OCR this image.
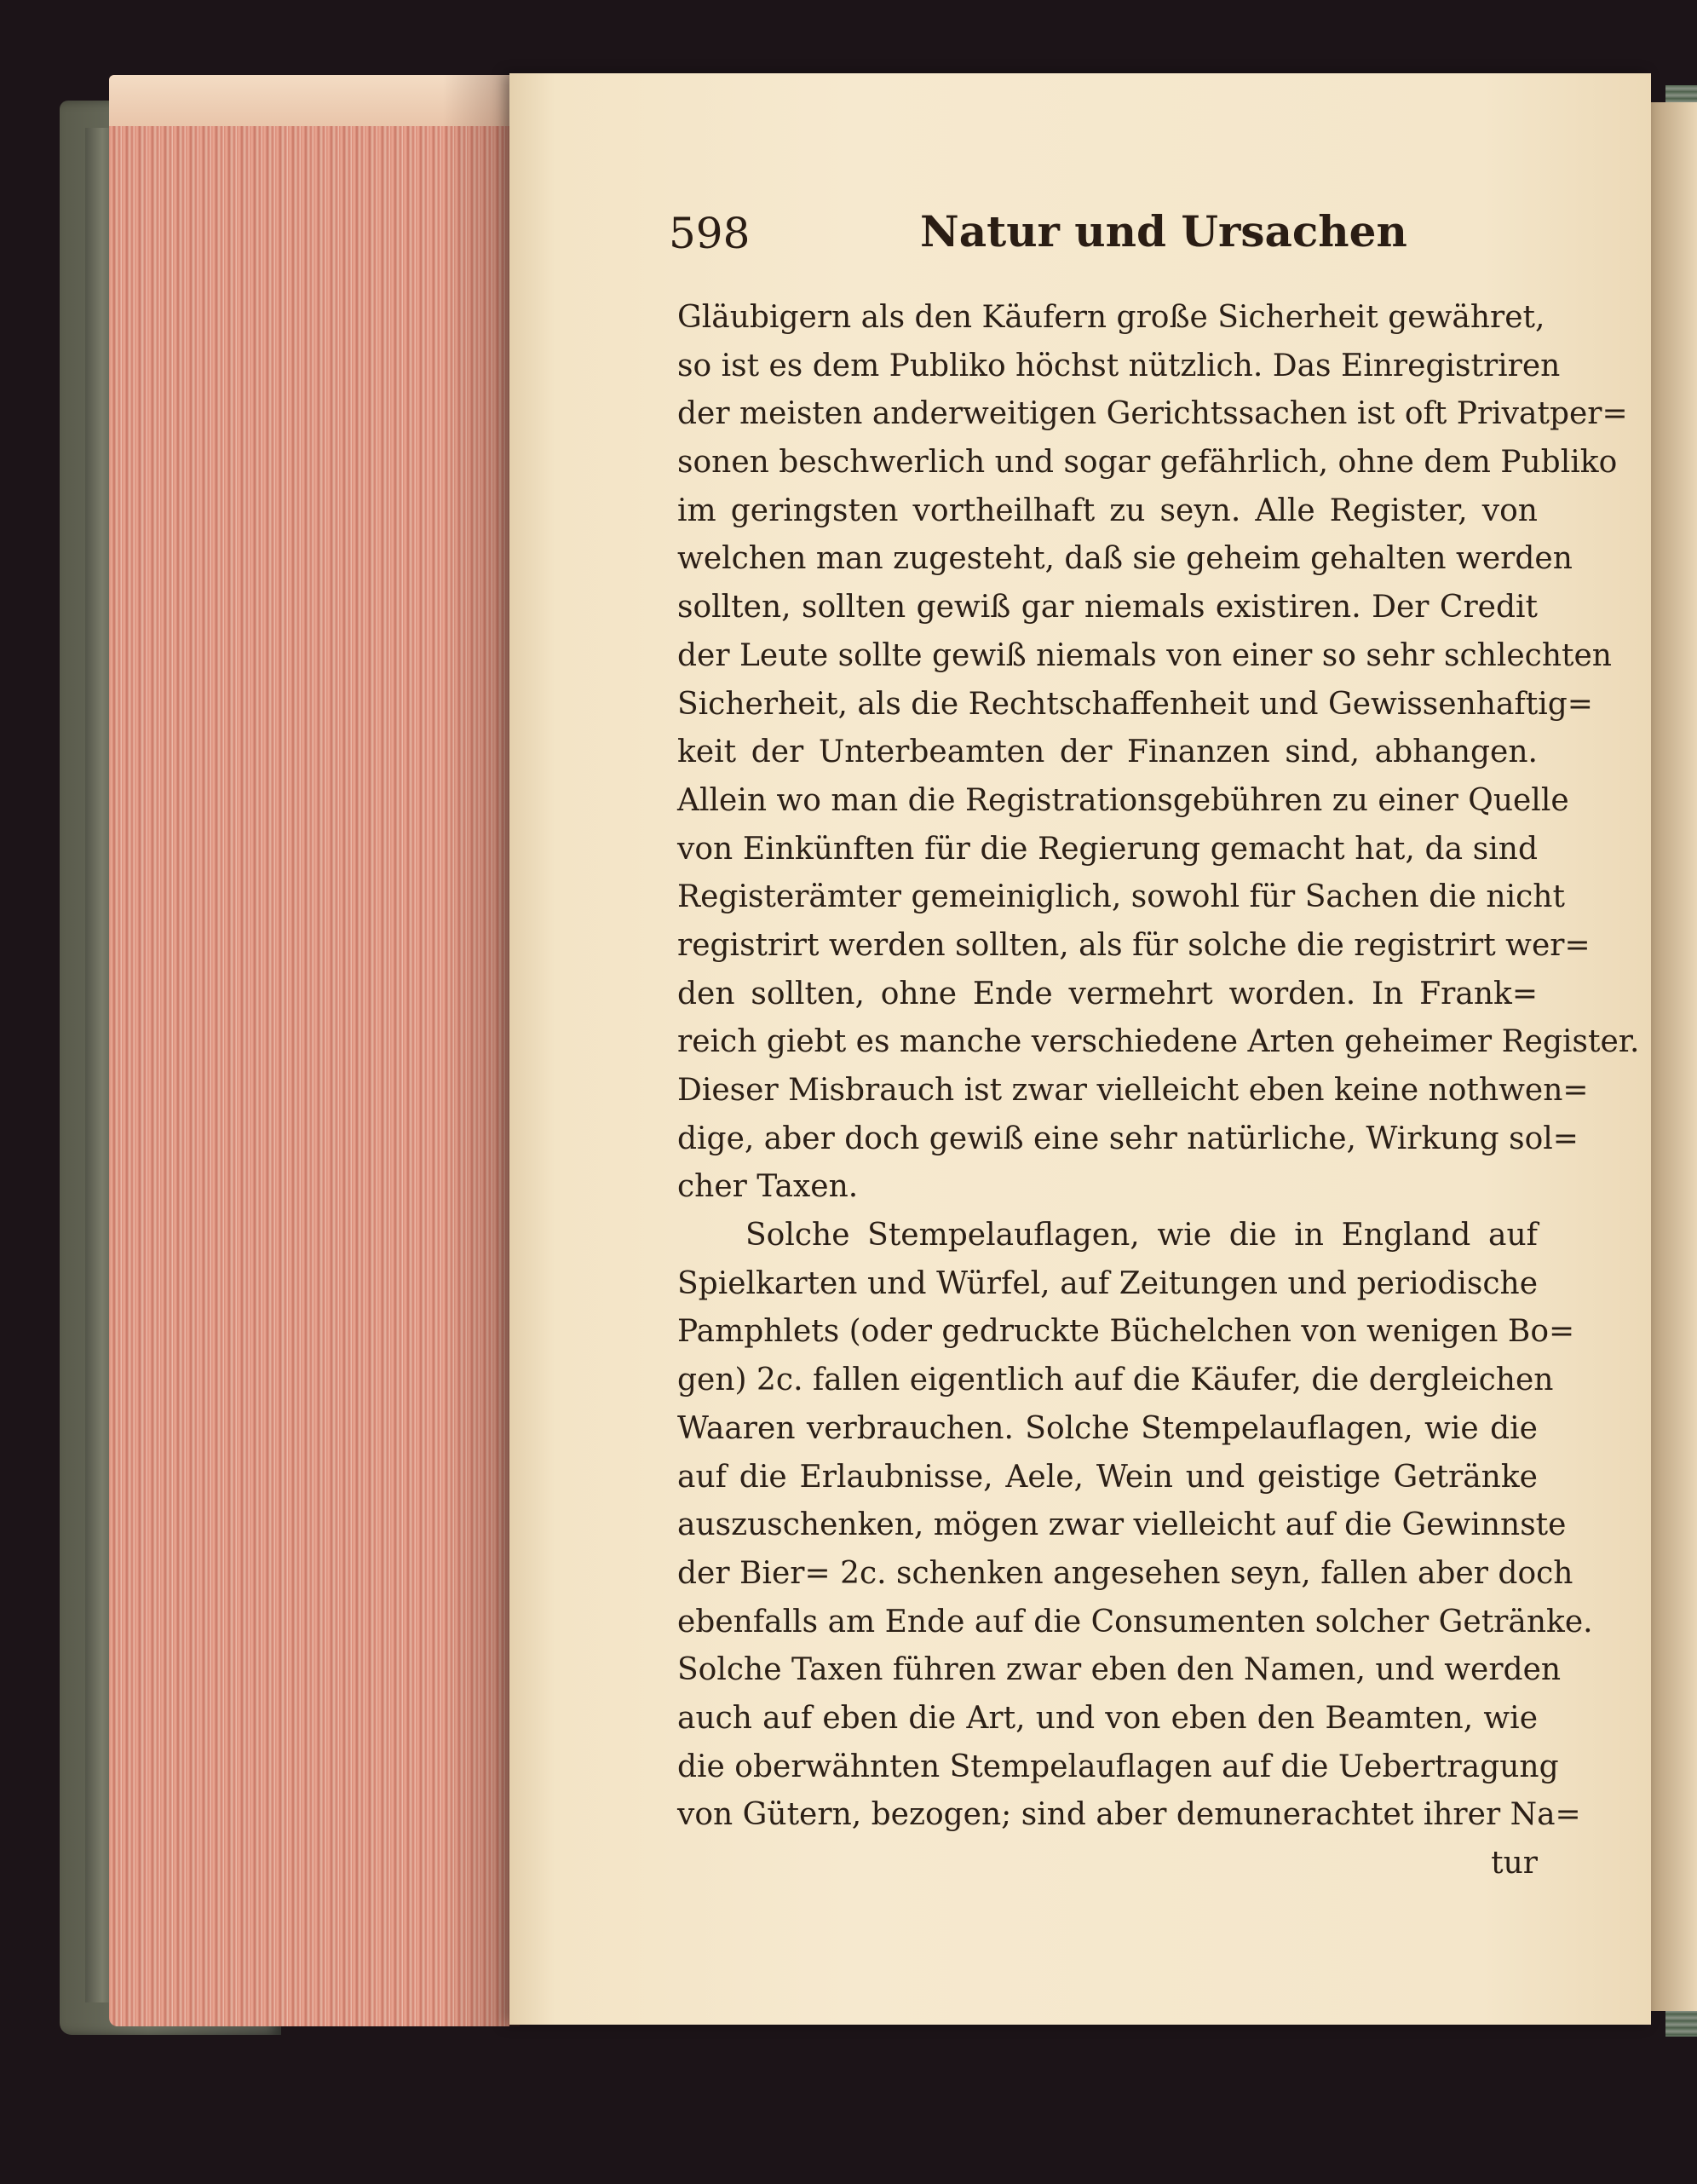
598	Natur und Ursachen
Gläubigern als den Käufern große Sicherheit gewähret,
so ist es dem Publiko höchst nützlich. Das Einregistriren
der meisten anderweitigen Gerichtssachen ist oft Privatper=
sonen beschwerlich und sogar gefährlich, ohne dem Publiko
im geringsten vortheilhaft zu seyn. Alle Register, von
welchen man zugesteht, daß sie geheim gehalten werden
sollten, sollten gewiß gar niemals existiren. Der Credit
der Leute sollte gewiß niemals von einer so sehr schlechten
Sicherheit, als die Rechtschaffenheit und Gewissenhaftig=
keit der Unterbeamten der Finanzen sind, abhangen.
Allein wo man die Registrationsgebühren zu einer Quelle
von Einkünften für die Regierung gemacht hat, da sind
Registerämter gemeiniglich, sowohl für Sachen die nicht
registrirt werden sollten, als für solche die registrirt wer=
den sollten, ohne Ende vermehrt worden. In Frank=
reich giebt es manche verschiedene Arten geheimer Register.
Dieser Misbrauch ist zwar vielleicht eben keine nothwen=
dige, aber doch gewiß eine sehr natürliche, Wirkung sol=
cher Taxen.
Solche Stempelauflagen, wie die in England auf
Spielkarten und Würfel, auf Zeitungen und periodische
Pamphlets (oder gedruckte Büchelchen von wenigen Bo=
gen) 2c. fallen eigentlich auf die Käufer, die dergleichen
Waaren verbrauchen. Solche Stempelauflagen, wie die
auf die Erlaubnisse, Aele, Wein und geistige Getränke
auszuschenken, mögen zwar vielleicht auf die Gewinnste
der Bier= 2c. schenken angesehen seyn, fallen aber doch
ebenfalls am Ende auf die Consumenten solcher Getränke.
Solche Taxen führen zwar eben den Namen, und werden
auch auf eben die Art, und von eben den Beamten, wie
die oberwähnten Stempelauflagen auf die Uebertragung
von Gütern, bezogen; sind aber demunerachtet ihrer Na=
tur
